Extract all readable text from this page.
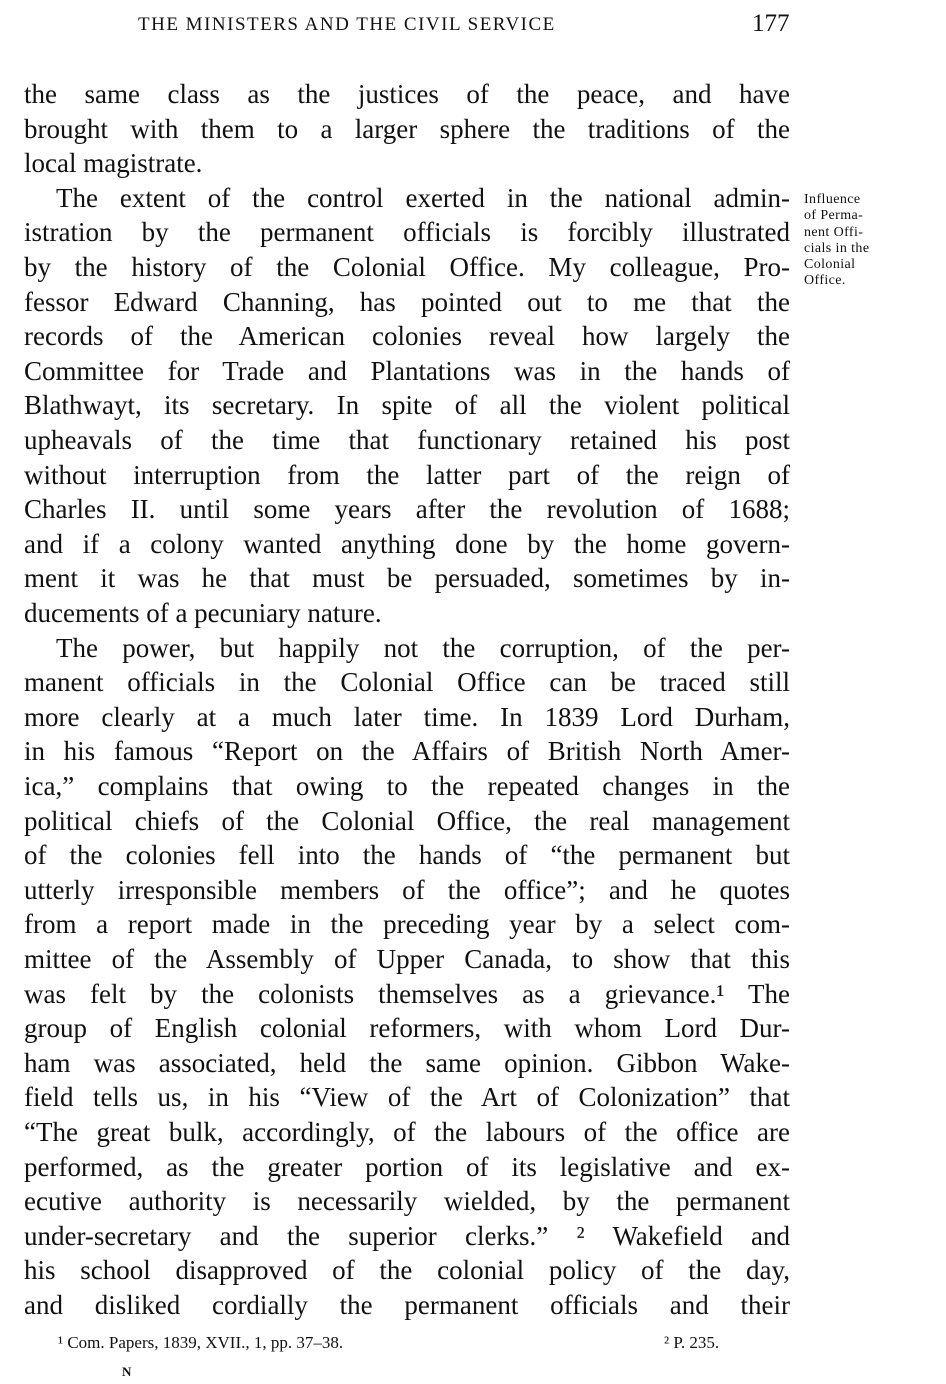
THE MINISTERS AND THE CIVIL SERVICE	177
the same class as the justices of the peace, and have
brought with them to a larger sphere the traditions of the
local magistrate.
The extent of the control exerted in the national admin-
istration by the permanent officials is forcibly illustrated
by the history of the Colonial Office. My colleague, Pro-
fessor Edward Channing, has pointed out to me that the
records of the American colonies reveal how largely the
Committee for Trade and Plantations was in the hands of
Blathwayt, its secretary. In spite of all the violent political
upheavals of the time that functionary retained his post
without interruption from the latter part of the reign of
Charles II. until some years after the revolution of 1688;
and if a colony wanted anything done by the home govern-
ment it was he that must be persuaded, sometimes by in-
ducements of a pecuniary nature.
The power, but happily not the corruption, of the per-
manent officials in the Colonial Office can be traced still
more clearly at a much later time. In 1839 Lord Durham,
in his famous “Report on the Affairs of British North Amer-
ica,” complains that owing to the repeated changes in the
political chiefs of the Colonial Office, the real management
of the colonies fell into the hands of “the permanent but
utterly irresponsible members of the office”; and he quotes
from a report made in the preceding year by a select com-
mittee of the Assembly of Upper Canada, to show that this
was felt by the colonists themselves as a grievance.¹ The
group of English colonial reformers, with whom Lord Dur-
ham was associated, held the same opinion. Gibbon Wake-
field tells us, in his “View of the Art of Colonization” that
“The great bulk, accordingly, of the labours of the office are
performed, as the greater portion of its legislative and ex-
ecutive authority is necessarily wielded, by the permanent
under-secretary and the superior clerks.” ² Wakefield and
his school disapproved of the colonial policy of the day,
and disliked cordially the permanent officials and their
Influence
of Perma-
nent Offi-
cials in the
Colonial
Office.
¹ Com. Papers, 1839, XVII., 1, pp. 37–38.	² P. 235.
N
